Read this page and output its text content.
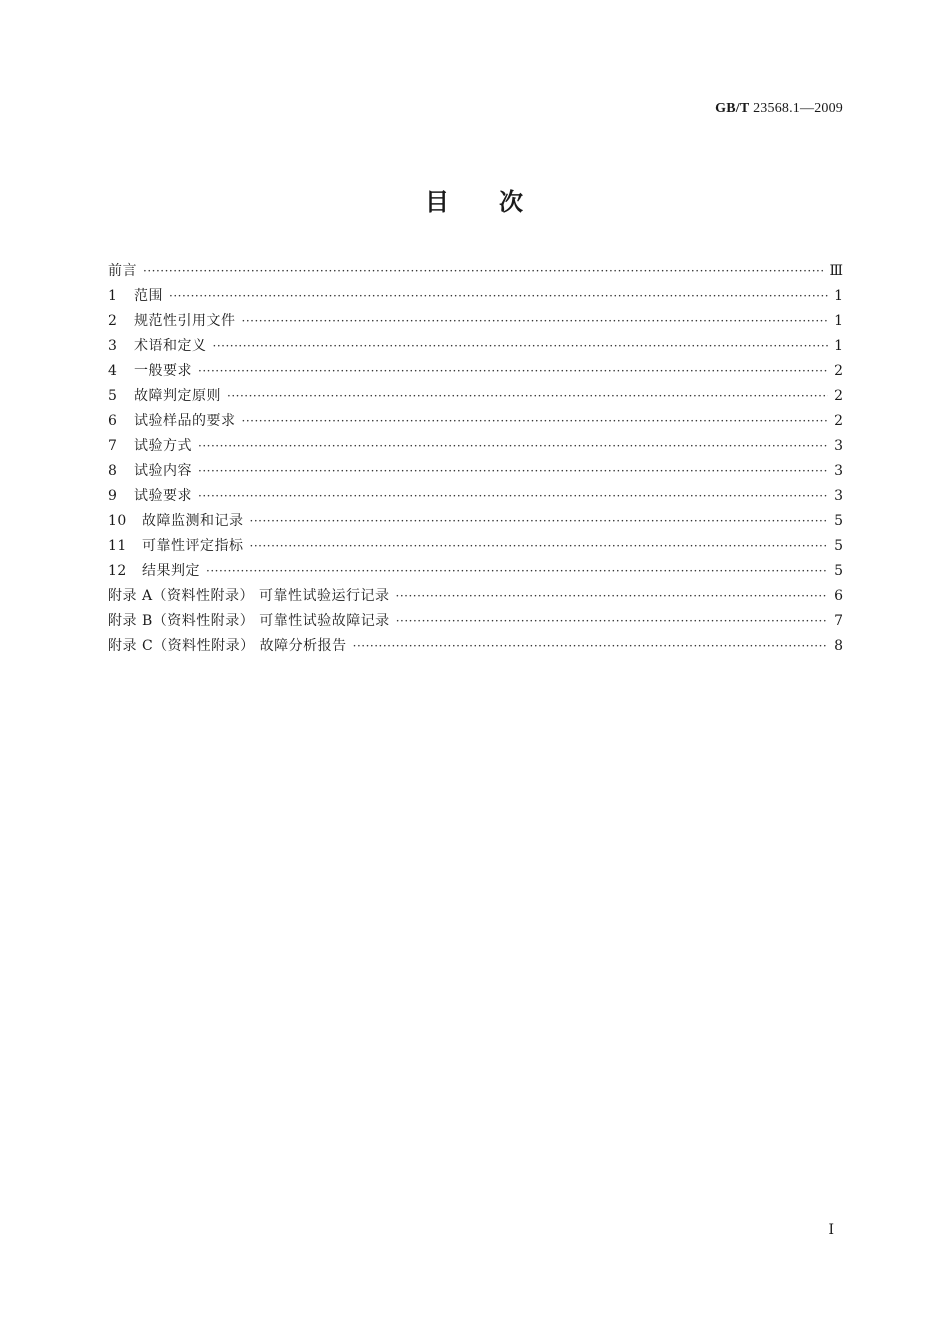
GB/T 23568.1—2009
目 次
前言 ·····	Ⅲ
1 范围 ·····	1
2 规范性引用文件 ·····	1
3 术语和定义 ·····	1
4 一般要求 ·····	2
5 故障判定原则 ·····	2
6 试验样品的要求 ·····	2
7 试验方式 ·····	3
8 试验内容 ·····	3
9 试验要求 ·····	3
10 故障监测和记录 ·····	5
11 可靠性评定指标 ·····	5
12 结果判定 ·····	5
附录 A（资料性附录） 可靠性试验运行记录 ·····	6
附录 B（资料性附录） 可靠性试验故障记录 ·····	7
附录 C（资料性附录） 故障分析报告 ·····	8
Ⅰ
